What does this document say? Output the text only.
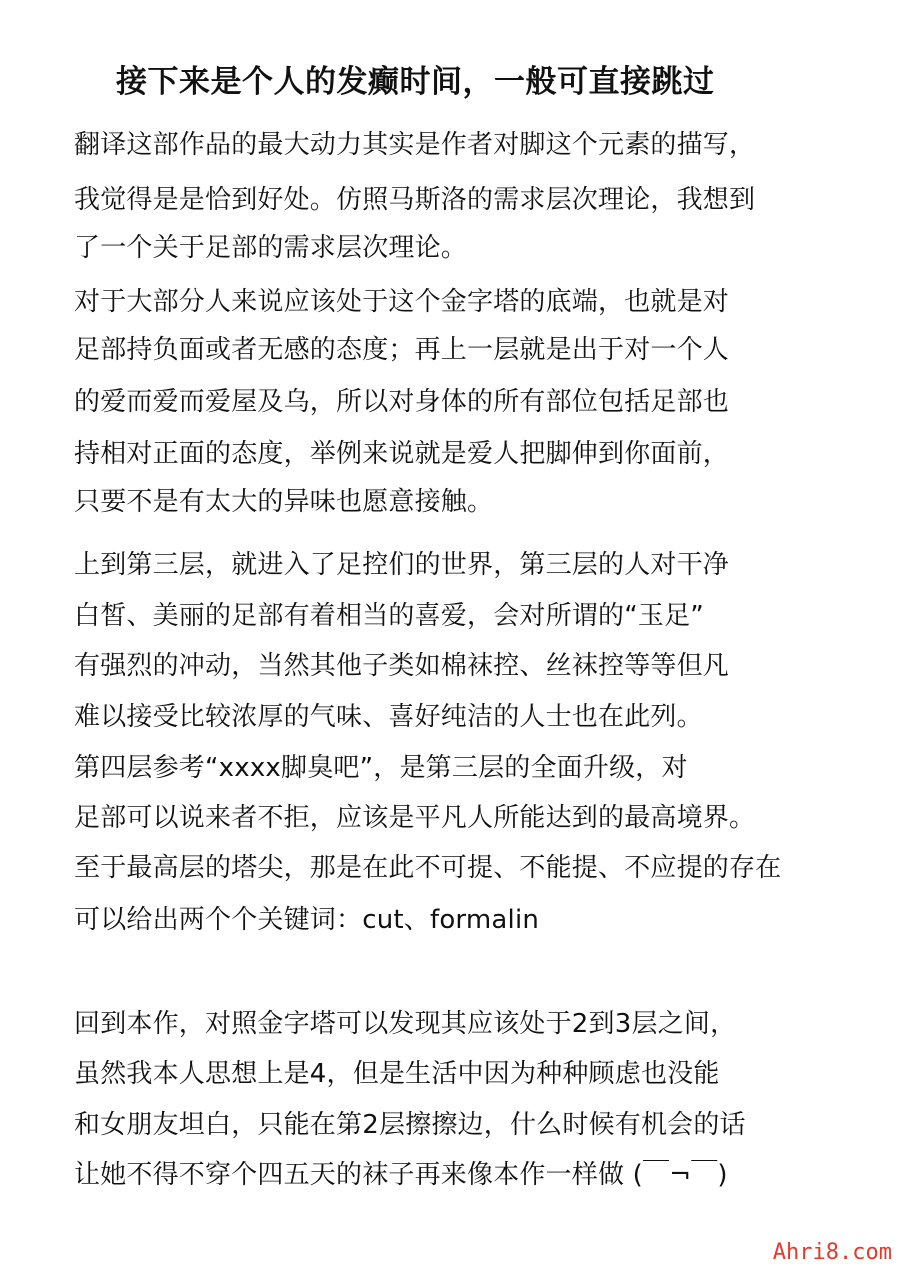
接下来是个人的发癫时间，一般可直接跳过
翻译这部作品的最大动力其实是作者对脚这个元素的描写，
我觉得是是恰到好处。仿照马斯洛的需求层次理论，我想到
了一个关于足部的需求层次理论。
对于大部分人来说应该处于这个金字塔的底端，也就是对
足部持负面或者无感的态度；再上一层就是出于对一个人
的爱而爱而爱屋及乌，所以对身体的所有部位包括足部也
持相对正面的态度，举例来说就是爱人把脚伸到你面前，
只要不是有太大的异味也愿意接触。
上到第三层，就进入了足控们的世界，第三层的人对干净
白皙、美丽的足部有着相当的喜爱，会对所谓的“玉足”
有强烈的冲动，当然其他子类如棉袜控、丝袜控等等但凡
难以接受比较浓厚的气味、喜好纯洁的人士也在此列。
第四层参考“xxxx脚臭吧”，是第三层的全面升级，对
足部可以说来者不拒，应该是平凡人所能达到的最高境界。
至于最高层的塔尖，那是在此不可提、不能提、不应提的存在
可以给出两个个关键词：cut、formalin
回到本作，对照金字塔可以发现其应该处于2到3层之间，
虽然我本人思想上是4，但是生活中因为种种顾虑也没能
和女朋友坦白，只能在第2层擦擦边，什么时候有机会的话
让她不得不穿个四五天的袜子再来像本作一样做 (￣¬￣)
Ahri8.com
